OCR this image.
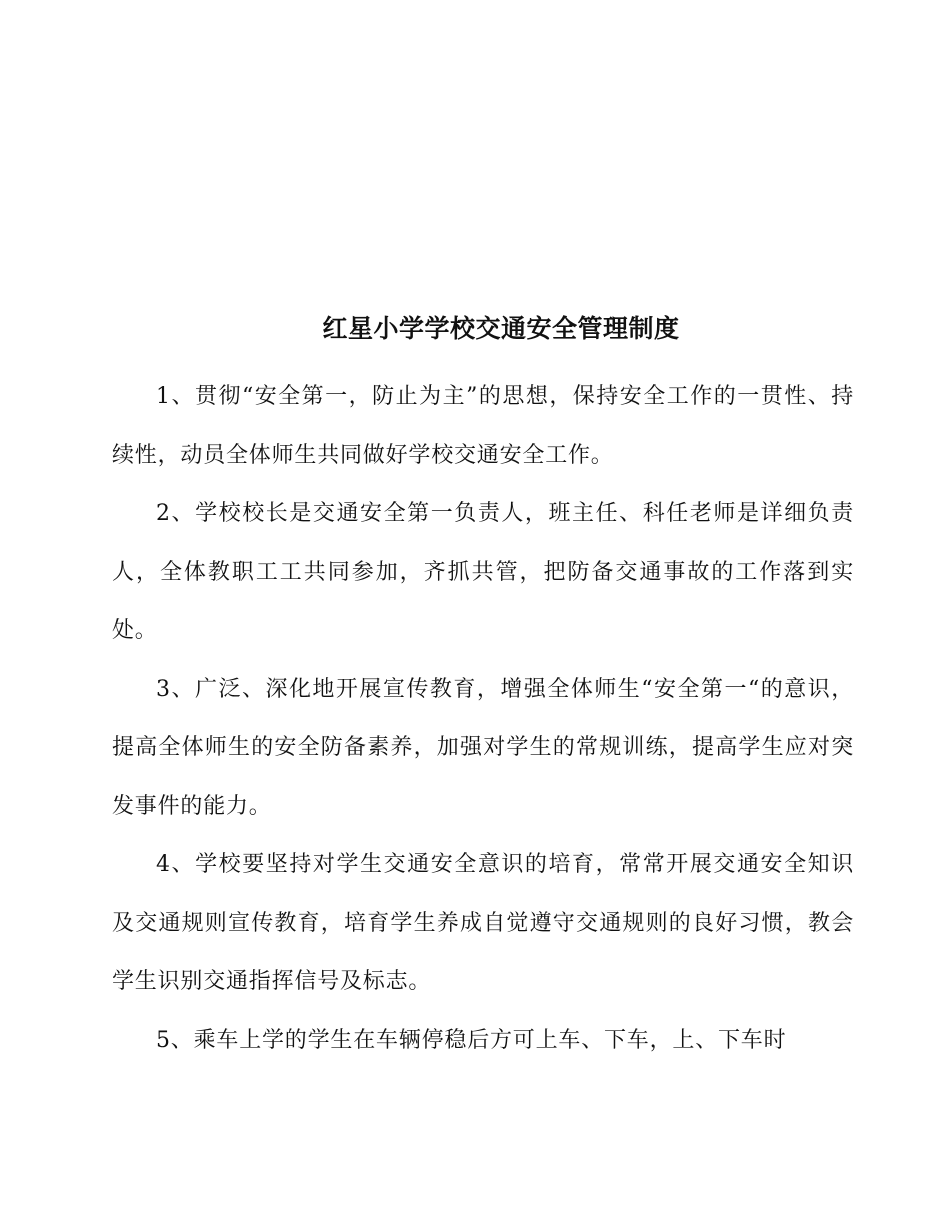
红星小学学校交通安全管理制度

1、贯彻“安全第一，防止为主”的思想，保持安全工作的一贯性、持续性，动员全体师生共同做好学校交通安全工作。

2、学校校长是交通安全第一负责人，班主任、科任老师是详细负责人，全体教职工工共同参加，齐抓共管，把防备交通事故的工作落到实处。

3、广泛、深化地开展宣传教育，增强全体师生“安全第一“的意识，提高全体师生的安全防备素养，加强对学生的常规训练，提高学生应对突发事件的能力。

4、学校要坚持对学生交通安全意识的培育，常常开展交通安全知识及交通规则宣传教育，培育学生养成自觉遵守交通规则的良好习惯，教会学生识别交通指挥信号及标志。

5、乘车上学的学生在车辆停稳后方可上车、下车，上、下车时
